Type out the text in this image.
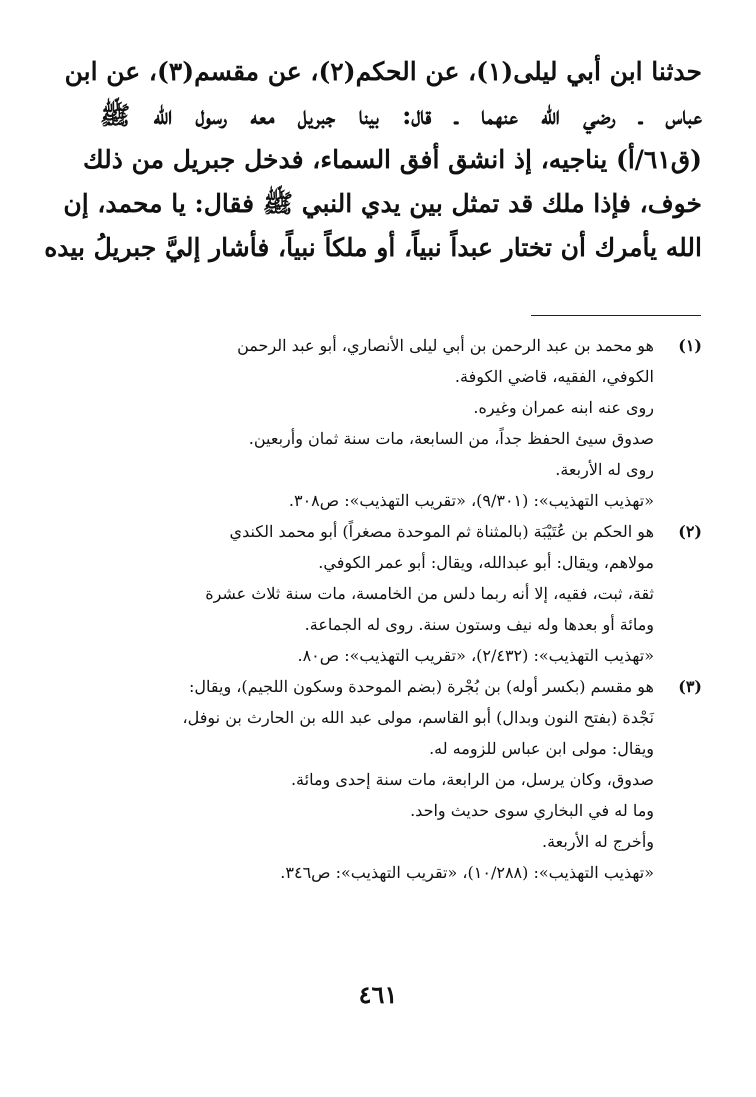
حدثنا ابن أبي ليلى(١)، عن الحكم(٢)، عن مقسم(٣)، عن ابن
عباس ـ رضي الله عنهما ـ قال: بينا جبريل معه رسول الله ﷺ
(ق٦١/أ) يناجيه، إذ انشق أفق السماء، فدخل جبريل من ذلك
خوف، فإذا ملك قد تمثل بين يدي النبي ﷺ فقال: يا محمد، إن
الله يأمرك أن تختار عبداً نبياً، أو ملكاً نبياً، فأشار إليَّ جبريلُ بيده
(١)
هو محمد بن عبد الرحمن بن أبي ليلى الأنصاري، أبو عبد الرحمن
الكوفي، الفقيه، قاضي الكوفة.
روى عنه ابنه عمران وغيره.
صدوق سيئ الحفظ جداً، من السابعة، مات سنة ثمان وأربعين.
روى له الأربعة.
«تهذيب التهذيب»: (٩/٣٠١)، «تقريب التهذيب»: ص٣٠٨.
(٢)
هو الحكم بن عُتَيْبَة (بالمثناة ثم الموحدة مصغراً) أبو محمد الكندي
مولاهم، ويقال: أبو عبدالله، ويقال: أبو عمر الكوفي.
ثقة، ثبت، فقيه، إلا أنه ربما دلس من الخامسة، مات سنة ثلاث عشرة
ومائة أو بعدها وله نيف وستون سنة. روى له الجماعة.
«تهذيب التهذيب»: (٢/٤٣٢)، «تقريب التهذيب»: ص٨٠.
(٣)
هو مقسم (بكسر أوله) بن بُجْرة (بضم الموحدة وسكون اللجيم)، ويقال:
نَجْدة (بفتح النون وبدال) أبو القاسم، مولى عبد الله بن الحارث بن نوفل،
ويقال: مولى ابن عباس للزومه له.
صدوق، وكان يرسل، من الرابعة، مات سنة إحدى ومائة.
وما له في البخاري سوى حديث واحد.
وأخرج له الأربعة.
«تهذيب التهذيب»: (١٠/٢٨٨)، «تقريب التهذيب»: ص٣٤٦.
٤٦١
